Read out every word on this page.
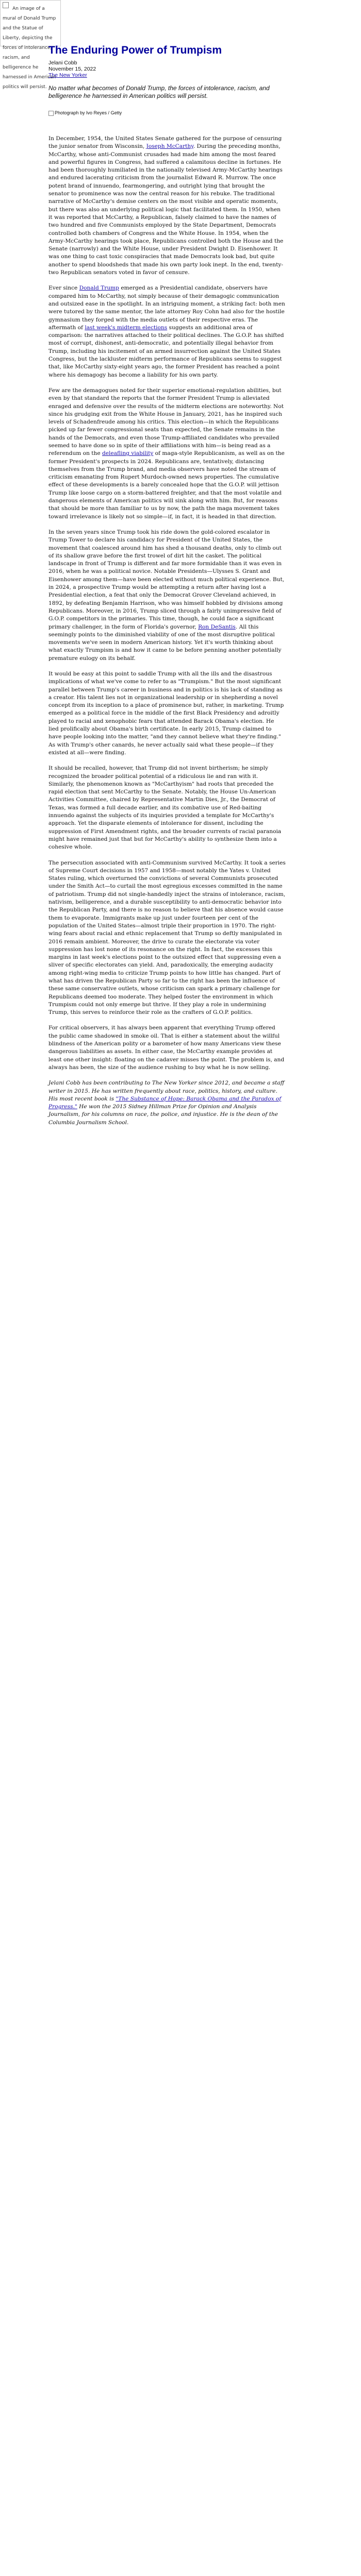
An image of a mural of Donald Trump and the Statue of Liberty, depicting the forces of intolerance, racism, and belligerence he harnessed in American politics will persist.
The Enduring Power of Trumpism
Jelani Cobb
November 15, 2022
The New Yorker
No matter what becomes of Donald Trump, the forces of intolerance, racism, and belligerence he harnessed in American politics will persist.
Photograph by Ivo Reyes / Getty

In December, 1954, the United States Senate gathered for the purpose of censuring the junior senator from Wisconsin, Joseph McCarthy. During the preceding months, McCarthy, whose anti-Communist crusades had made him among the most feared and powerful figures in Congress, had suffered a calamitous decline in fortunes. He had been thoroughly humiliated in the nationally televised Army-McCarthy hearings and endured lacerating criticism from the journalist Edward R. Murrow. The once potent brand of innuendo, fearmongering, and outright lying that brought the senator to prominence was now the central reason for his rebuke. The traditional narrative of McCarthy's demise centers on the most visible and operatic moments, but there was also an underlying political logic that facilitated them. In 1950, when it was reported that McCarthy, a Republican, falsely claimed to have the names of two hundred and five Communists employed by the State Department, Democrats controlled both chambers of Congress and the White House. In 1954, when the Army-McCarthy hearings took place, Republicans controlled both the House and the Senate (narrowly) and the White House, under President Dwight D. Eisenhower. It was one thing to cast toxic conspiracies that made Democrats look bad, but quite another to spend bloodsheds that made his own party look inept. In the end, twenty-two Republican senators voted in favor of censure.

Ever since Donald Trump emerged as a Presidential candidate, observers have compared him to McCarthy, not simply because of their demagogic communication and outsized ease in the spotlight. In an intriguing moment, a striking fact: both men were tutored by the same mentor, the late attorney Roy Cohn had also for the hostile gymnasium they forged with the media outlets of their respective eras. The aftermath of last week's midterm elections suggests an additional area of comparison: the narratives attached to their political declines. The G.O.P. has shifted most of corrupt, dishonest, anti-democratic, and potentially illegal behavior from Trump, including his incitement of an armed insurrection against the United States Congress, but the lackluster midterm performance of Republicans seems to suggest that, like McCarthy sixty-eight years ago, the former President has reached a point where his demagogy has become a liability for his own party.

Few are the demagogues noted for their superior emotional-regulation abilities, but even by that standard the reports that the former President Trump is alleviated enraged and defensive over the results of the midterm elections are noteworthy. Not since his grudging exit from the White House in January, 2021, has he inspired such levels of Schadenfreude among his critics. This election—in which the Republicans picked up far fewer congressional seats than expected, the Senate remains in the hands of the Democrats, and even those Trump-affiliated candidates who prevailed seemed to have done so in spite of their affiliations with him—is being read as a referendum on the deleafling viability of maga-style Republicanism, as well as on the former President's prospects in 2024. Republicans are, tentatively, distancing themselves from the Trump brand, and media observers have noted the stream of criticism emanating from Rupert Murdoch-owned news properties. The cumulative effect of these developments is a barely concealed hope that the G.O.P. will jettison Trump like loose cargo on a storm-battered freighter, and that the most volatile and dangerous elements of American politics will sink along with him. But, for reasons that should be more than familiar to us by now, the path the maga movement takes toward irrelevance is likely not so simple—if, in fact, it is headed in that direction.

In the seven years since Trump took his ride down the gold-colored escalator in Trump Tower to declare his candidacy for President of the United States, the movement that coalesced around him has shed a thousand deaths, only to climb out of its shallow grave before the first trowel of dirt hit the casket. The political landscape in front of Trump is different and far more formidable than it was even in 2016, when he was a political novice. Notable Presidents—Ulysses S. Grant and Eisenhower among them—have been elected without much political experience. But, in 2024, a prospective Trump would be attempting a return after having lost a Presidential election, a feat that only the Democrat Grover Cleveland achieved, in 1892, by defeating Benjamin Harrison, who was himself hobbled by divisions among Republicans. Moreover, in 2016, Trump sliced through a fairly unimpressive field of G.O.P. competitors in the primaries. This time, though, he could face a significant primary challenger, in the form of Florida's governor, Ron DeSantis. All this seemingly points to the diminished viability of one of the most disruptive political movements we've seen in modern American history. Yet it's worth thinking about what exactly Trumpism is and how it came to be before penning another potentially premature eulogy on its behalf.

It would be easy at this point to saddle Trump with all the ills and the disastrous implications of what we've come to refer to as "Trumpism." But the most significant parallel between Trump's career in business and in politics is his lack of standing as a creator. His talent lies not in organizational leadership or in shepherding a novel concept from its inception to a place of prominence but, rather, in marketing. Trump emerged as a political force in the middle of the first Black Presidency and adroitly played to racial and xenophobic fears that attended Barack Obama's election. He lied prolifically about Obama's birth certificate. In early 2015, Trump claimed to have people looking into the matter, "and they cannot believe what they're finding." As with Trump's other canards, he never actually said what these people—if they existed at all—were finding.

It should be recalled, however, that Trump did not invent birtherism; he simply recognized the broader political potential of a ridiculous lie and ran with it. Similarly, the phenomenon known as "McCarthyism" had roots that preceded the rapid election that sent McCarthy to the Senate. Notably, the House Un-American Activities Committee, chaired by Representative Martin Dies, Jr., the Democrat of Texas, was formed a full decade earlier, and its combative use of Red-baiting innuendo against the subjects of its inquiries provided a template for McCarthy's approach. Yet the disparate elements of intolerance for dissent, including the suppression of First Amendment rights, and the broader currents of racial paranoia might have remained just that but for McCarthy's ability to synthesize them into a cohesive whole.

The persecution associated with anti-Communism survived McCarthy. It took a series of Supreme Court decisions in 1957 and 1958—most notably the Yates v. United States ruling, which overturned the convictions of several Communists prosecuted under the Smith Act—to curtail the most egregious excesses committed in the name of patriotism. Trump did not single-handedly inject the strains of intolerance, racism, nativism, belligerence, and a durable susceptibility to anti-democratic behavior into the Republican Party, and there is no reason to believe that his absence would cause them to evaporate. Immigrants make up just under fourteen per cent of the population of the United States—almost triple their proportion in 1970. The right-wing fears about racial and ethnic replacement that Trump so deftly manipulated in 2016 remain ambient. Moreover, the drive to curate the electorate via voter suppression has lost none of its resonance on the right. In fact, the excesses this margins in last week's elections point to the outsized effect that suppressing even a sliver of specific electorates can yield. And, paradoxically, the emerging audacity among right-wing media to criticize Trump points to how little has changed. Part of what has driven the Republican Party so far to the right has been the influence of these same conservative outlets, whose criticism can spark a primary challenge for Republicans deemed too moderate. They helped foster the environment in which Trumpism could not only emerge but thrive. If they play a role in undermining Trump, this serves to reinforce their role as the crafters of G.O.P. politics.

For critical observers, it has always been apparent that everything Trump offered the public came shadowed in smoke oil. That is either a statement about the willful blindness of the American polity or a barometer of how many Americans view these dangerous liabilities as assets. In either case, the McCarthy example provides at least one other insight: floating on the cadaver misses the point. The problem is, and always has been, the size of the audience rushing to buy what he is now selling.

Jelani Cobb has been contributing to The New Yorker since 2012, and became a staff writer in 2015. He has written frequently about race, politics, history, and culture. His most recent book is "The Substance of Hope: Barack Obama and the Paradox of Progress." He won the 2015 Sidney Hillman Prize for Opinion and Analysis Journalism, for his columns on race, the police, and injustice. He is the dean of the Columbia Journalism School.
